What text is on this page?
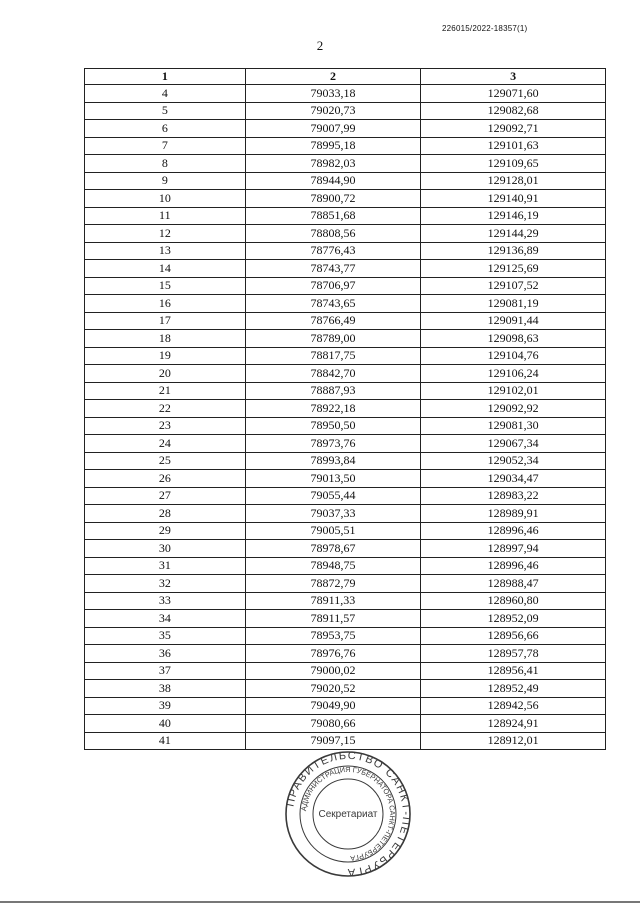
226015/2022-18357(1)
2
1	2	3
4	79033,18	129071,60
5	79020,73	129082,68
6	79007,99	129092,71
7	78995,18	129101,63
8	78982,03	129109,65
9	78944,90	129128,01
10	78900,72	129140,91
11	78851,68	129146,19
12	78808,56	129144,29
13	78776,43	129136,89
14	78743,77	129125,69
15	78706,97	129107,52
16	78743,65	129081,19
17	78766,49	129091,44
18	78789,00	129098,63
19	78817,75	129104,76
20	78842,70	129106,24
21	78887,93	129102,01
22	78922,18	129092,92
23	78950,50	129081,30
24	78973,76	129067,34
25	78993,84	129052,34
26	79013,50	129034,47
27	79055,44	128983,22
28	79037,33	128989,91
29	79005,51	128996,46
30	78978,67	128997,94
31	78948,75	128996,46
32	78872,79	128988,47
33	78911,33	128960,80
34	78911,57	128952,09
35	78953,75	128956,66
36	78976,76	128957,78
37	79000,02	128956,41
38	79020,52	128952,49
39	79049,90	128942,56
40	79080,66	128924,91
41	79097,15	128912,01
ПРАВИТЕЛЬСТВО САНКТ-ПЕТЕРБУРГА
АДМИНИСТРАЦИЯ ГУБЕРНАТОРА САНКТ-ПЕТЕРБУРГА
Секретариат
